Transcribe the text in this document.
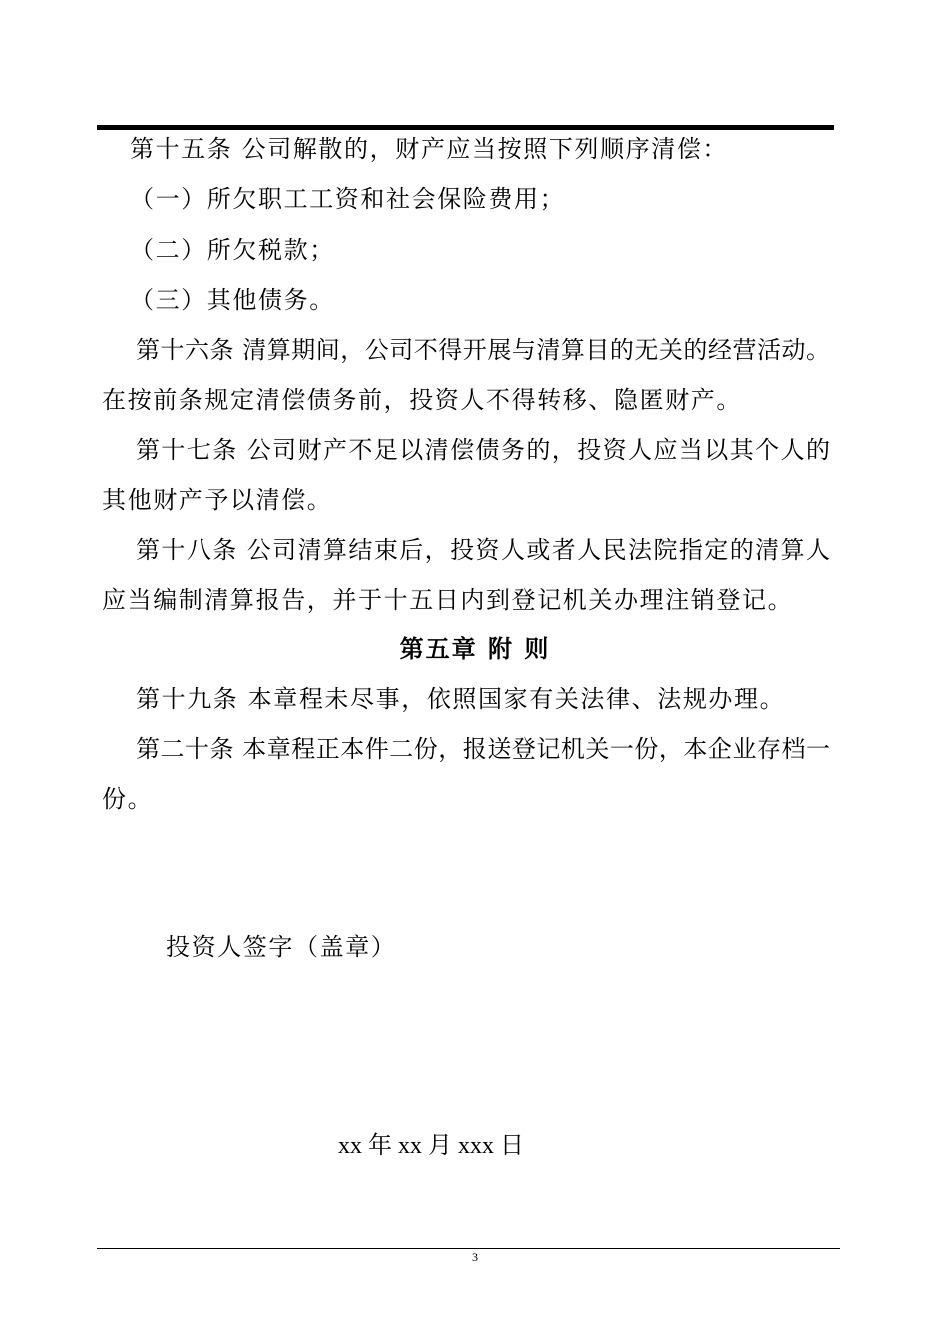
第十五条 公司解散的，财产应当按照下列顺序清偿：
（一）所欠职工工资和社会保险费用；
（二）所欠税款；
（三）其他债务。
第十六条 清算期间，公司不得开展与清算目的无关的经营活动。
在按前条规定清偿债务前，投资人不得转移、隐匿财产。
第十七条 公司财产不足以清偿债务的，投资人应当以其个人的
其他财产予以清偿。
第十八条 公司清算结束后，投资人或者人民法院指定的清算人
应当编制清算报告，并于十五日内到登记机关办理注销登记。
第五章 附 则
第十九条 本章程未尽事，依照国家有关法律、法规办理。
第二十条 本章程正本件二份，报送登记机关一份，本企业存档一
份。
投资人签字（盖章）
xx 年 xx 月 xxx 日
3
